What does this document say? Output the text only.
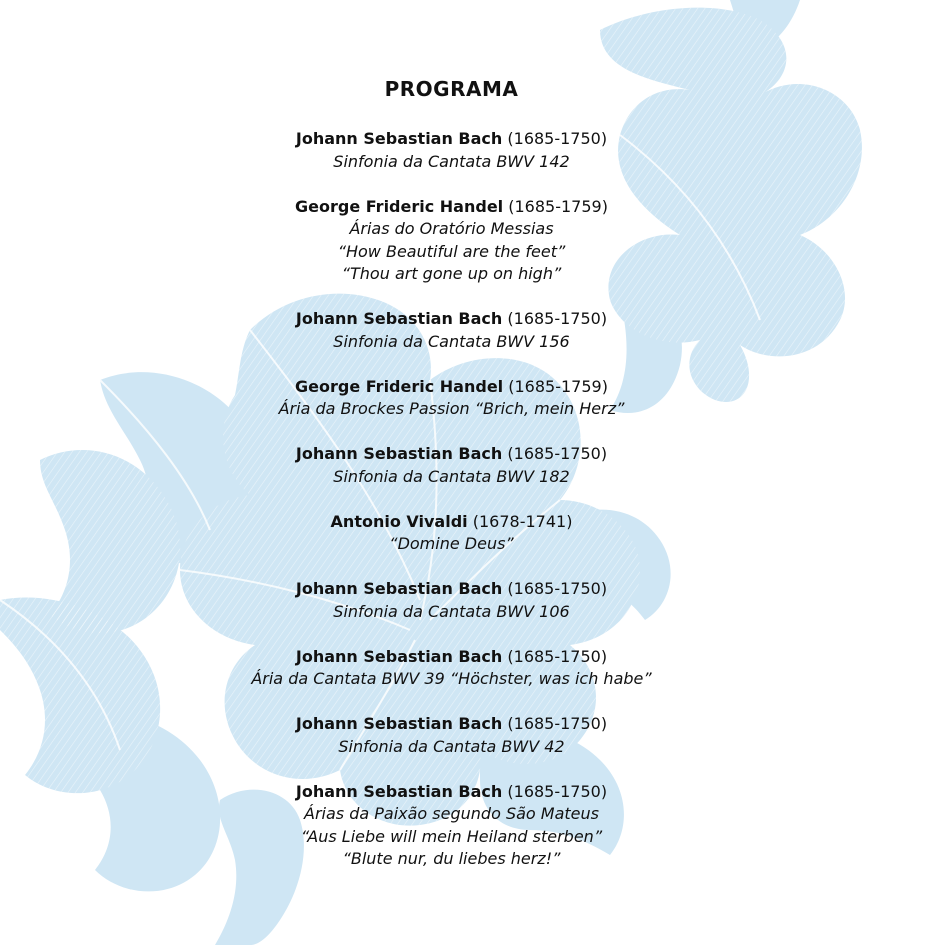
PROGRAMA
Johann Sebastian Bach (1685-1750)
Sinfonia da Cantata BWV 142
George Frideric Handel (1685-1759)
Árias do Oratório Messias
“How Beautiful are the feet”
“Thou art gone up on high”
Johann Sebastian Bach (1685-1750)
Sinfonia da Cantata BWV 156
George Frideric Handel (1685-1759)
Ária da Brockes Passion “Brich, mein Herz”
Johann Sebastian Bach (1685-1750)
Sinfonia da Cantata BWV 182
Antonio Vivaldi (1678-1741)
“Domine Deus”
Johann Sebastian Bach (1685-1750)
Sinfonia da Cantata BWV 106
Johann Sebastian Bach (1685-1750)
Ária da Cantata BWV 39 “Höchster, was ich habe”
Johann Sebastian Bach (1685-1750)
Sinfonia da Cantata BWV 42
Johann Sebastian Bach (1685-1750)
Árias da Paixão segundo São Mateus
“Aus Liebe will mein Heiland sterben”
“Blute nur, du liebes herz!”
